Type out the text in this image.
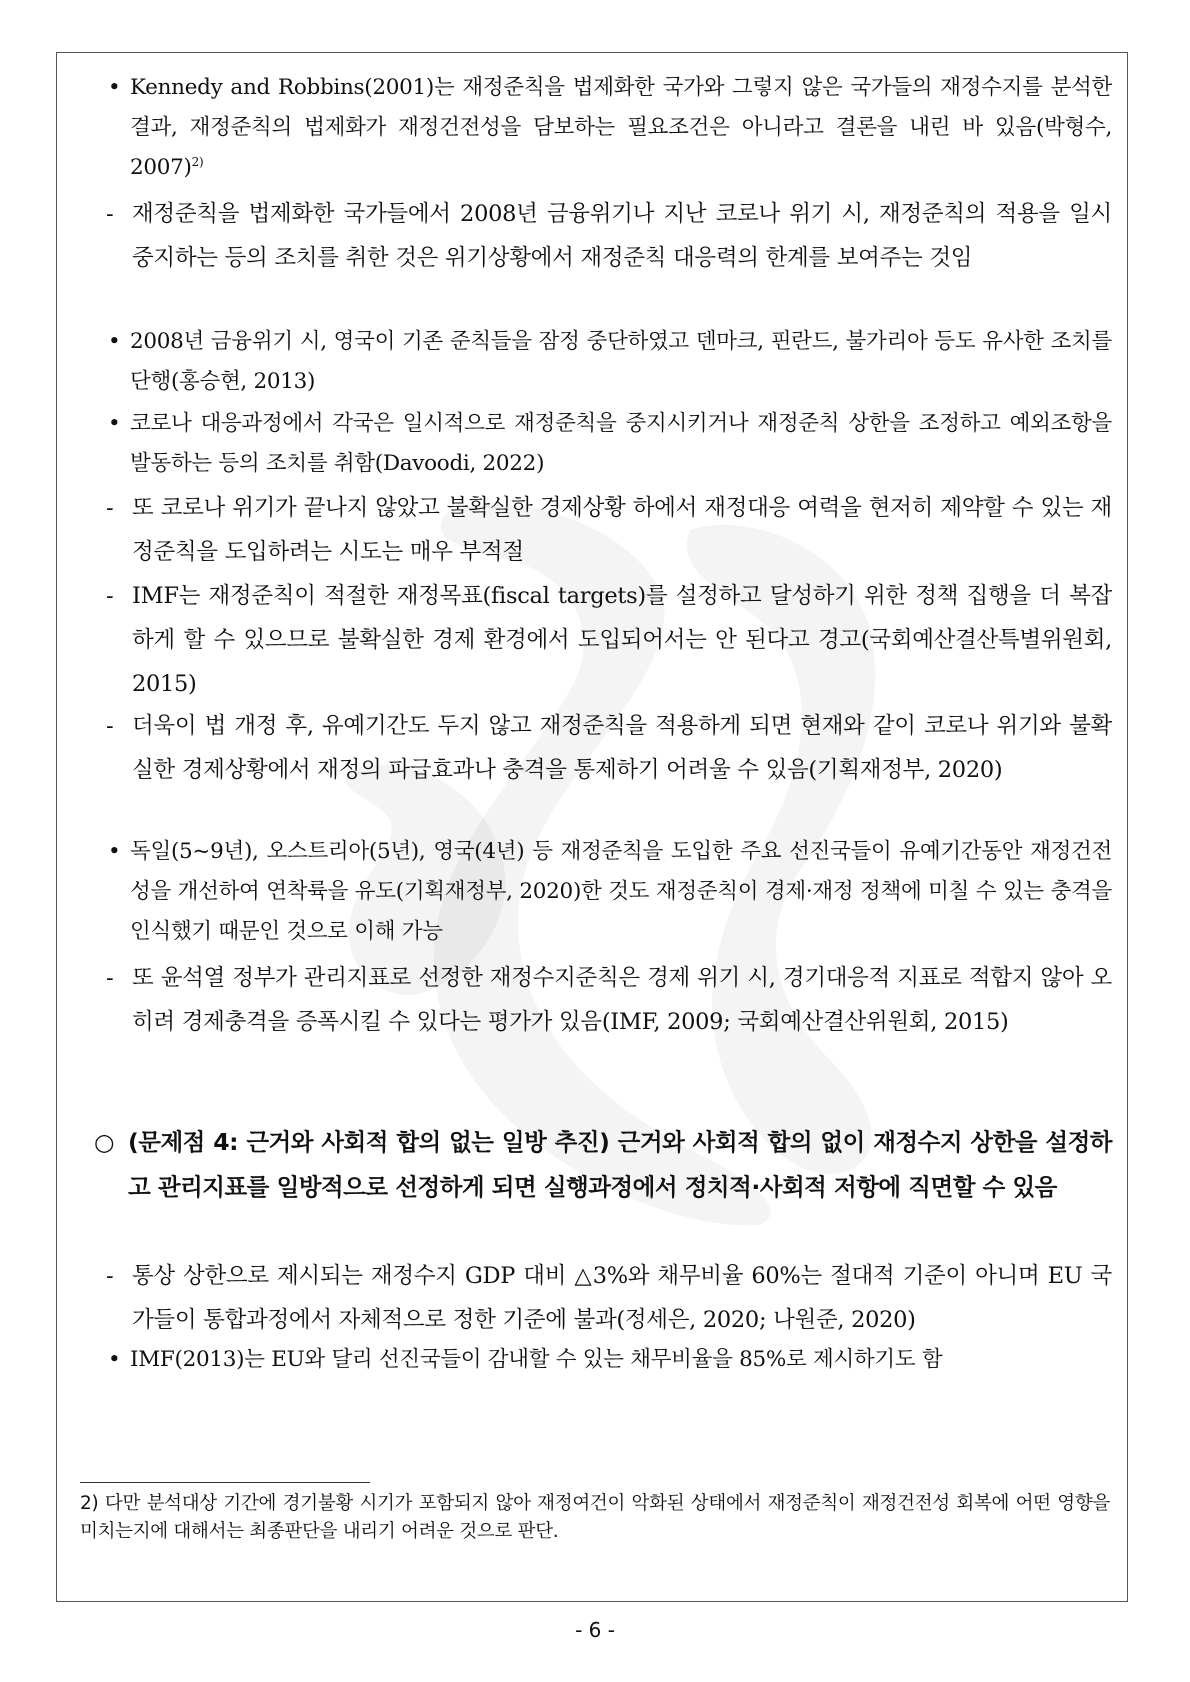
• Kennedy and Robbins(2001)는 재정준칙을 법제화한 국가와 그렇지 않은 국가들의 재정수지를 분석한 결과, 재정준칙의 법제화가 재정건전성을 담보하는 필요조건은 아니라고 결론을 내린 바 있음(박형수, 2007)$^{2)}$
- 재정준칙을 법제화한 국가들에서 2008년 금융위기나 지난 코로나 위기 시, 재정준칙의 적용을 일시 중지하는 등의 조치를 취한 것은 위기상황에서 재정준칙 대응력의 한계를 보여주는 것임
• 2008년 금융위기 시, 영국이 기존 준칙들을 잠정 중단하였고 덴마크, 핀란드, 불가리아 등도 유사한 조치를 단행(홍승현, 2013)
• 코로나 대응과정에서 각국은 일시적으로 재정준칙을 중지시키거나 재정준칙 상한을 조정하고 예외조항을 발동하는 등의 조치를 취함(Davoodi, 2022)
- 또 코로나 위기가 끝나지 않았고 불확실한 경제상황 하에서 재정대응 여력을 현저히 제약할 수 있는 재정준칙을 도입하려는 시도는 매우 부적절
- IMF는 재정준칙이 적절한 재정목표(fiscal targets)를 설정하고 달성하기 위한 정책 집행을 더 복잡하게 할 수 있으므로 불확실한 경제 환경에서 도입되어서는 안 된다고 경고(국회예산결산특별위원회, 2015)
- 더욱이 법 개정 후, 유예기간도 두지 않고 재정준칙을 적용하게 되면 현재와 같이 코로나 위기와 불확실한 경제상황에서 재정의 파급효과나 충격을 통제하기 어려울 수 있음(기획재정부, 2020)
• 독일(5~9년), 오스트리아(5년), 영국(4년) 등 재정준칙을 도입한 주요 선진국들이 유예기간동안 재정건전성을 개선하여 연착륙을 유도(기획재정부, 2020)한 것도 재정준칙이 경제·재정 정책에 미칠 수 있는 충격을 인식했기 때문인 것으로 이해 가능
- 또 윤석열 정부가 관리지표로 선정한 재정수지준칙은 경제 위기 시, 경기대응적 지표로 적합지 않아 오히려 경제충격을 증폭시킬 수 있다는 평가가 있음(IMF, 2009; 국회예산결산위원회, 2015)
○ (문제점 4: 근거와 사회적 합의 없는 일방 추진) 근거와 사회적 합의 없이 재정수지 상한을 설정하고 관리지표를 일방적으로 선정하게 되면 실행과정에서 정치적·사회적 저항에 직면할 수 있음
- 통상 상한으로 제시되는 재정수지 GDP 대비 △3%와 채무비율 60%는 절대적 기준이 아니며 EU 국가들이 통합과정에서 자체적으로 정한 기준에 불과(정세은, 2020; 나원준, 2020)
• IMF(2013)는 EU와 달리 선진국들이 감내할 수 있는 채무비율을 85%로 제시하기도 함
2) 다만 분석대상 기간에 경기불황 시기가 포함되지 않아 재정여건이 악화된 상태에서 재정준칙이 재정건전성 회복에 어떤 영향을 미치는지에 대해서는 최종판단을 내리기 어려운 것으로 판단.
- 6 -
